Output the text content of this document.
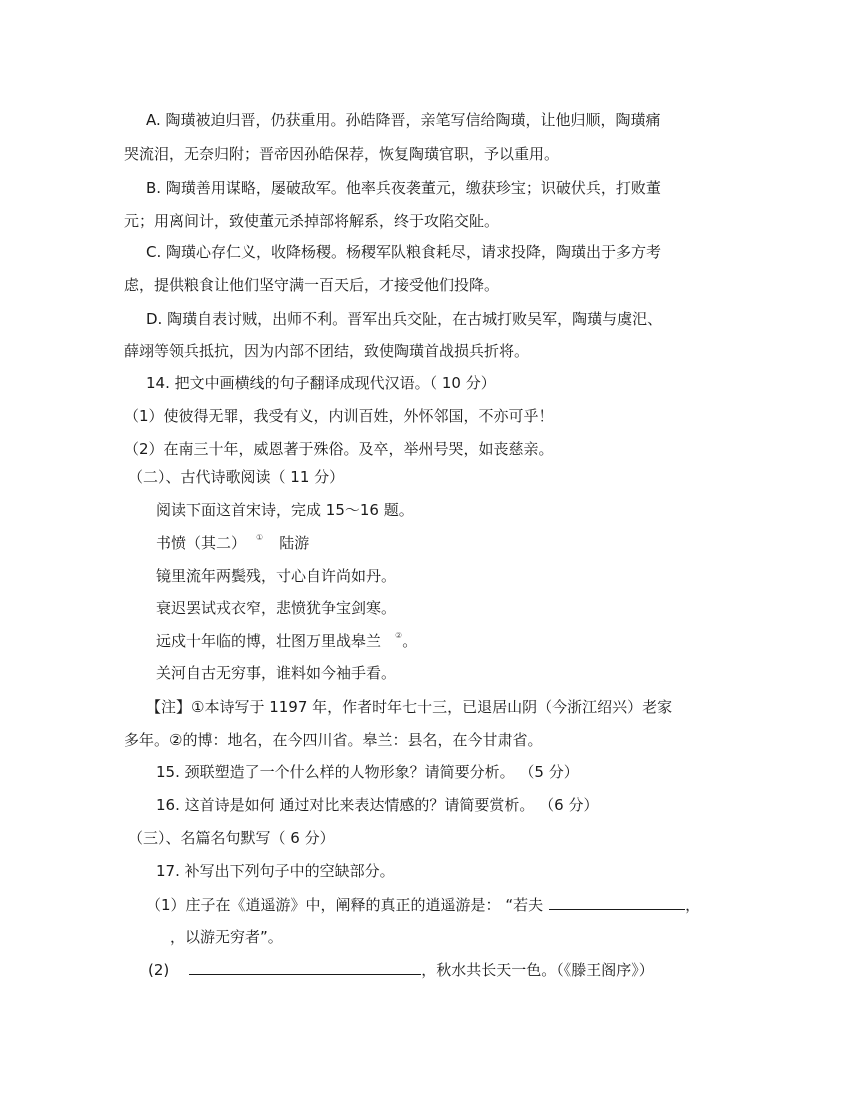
A. 陶璜被迫归晋，仍获重用。孙皓降晋，亲笔写信给陶璜，让他归顺，陶璜痛
哭流泪，无奈归附；晋帝因孙皓保荐，恢复陶璜官职，予以重用。
B. 陶璜善用谋略，屡破敌军。他率兵夜袭董元，缴获珍宝；识破伏兵，打败董
元；用离间计，致使董元杀掉部将解系，终于攻陷交阯。
C. 陶璜心存仁义，收降杨稷。杨稷军队粮食耗尽，请求投降，陶璜出于多方考
虑，提供粮食让他们坚守满一百天后，才接受他们投降。
D. 陶璜自表讨贼，出师不利。晋军出兵交阯，在古城打败吴军，陶璜与虞汜、
薛翊等领兵抵抗，因为内部不团结，致使陶璜首战损兵折将。
14. 把文中画横线的句子翻译成现代汉语。（ 10 分）
（1）使彼得无罪，我受有义，内训百姓，外怀邻国，不亦可乎！
（2）在南三十年，威恩著于殊俗。及卒，举州号哭，如丧慈亲。
（二）、古代诗歌阅读（ 11 分）
阅读下面这首宋诗，完成 15～16 题。
书愤（其二） ① 陆游
镜里流年两鬓残，寸心自许尚如丹。
衰迟罢试戎衣窄，悲愤犹争宝剑寒。
远戍十年临的博，壮图万里战皋兰 ②。
关河自古无穷事，谁料如今袖手看。
【注】①本诗写于 1197 年，作者时年七十三，已退居山阴（今浙江绍兴）老家
多年。②的博：地名，在今四川省。皋兰：县名，在今甘肃省。
15. 颈联塑造了一个什么样的人物形象？请简要分析。 （5 分）
16. 这首诗是如何 通过对比来表达情感的？请简要赏析。 （6 分）
（三）、名篇名句默写（ 6 分）
17. 补写出下列句子中的空缺部分。
（1）庄子在《逍遥游》中，阐释的真正的逍遥游是： “若夫	，
，以游无穷者”。
(2)	，秋水共长天一色。（《滕王阁序》）
